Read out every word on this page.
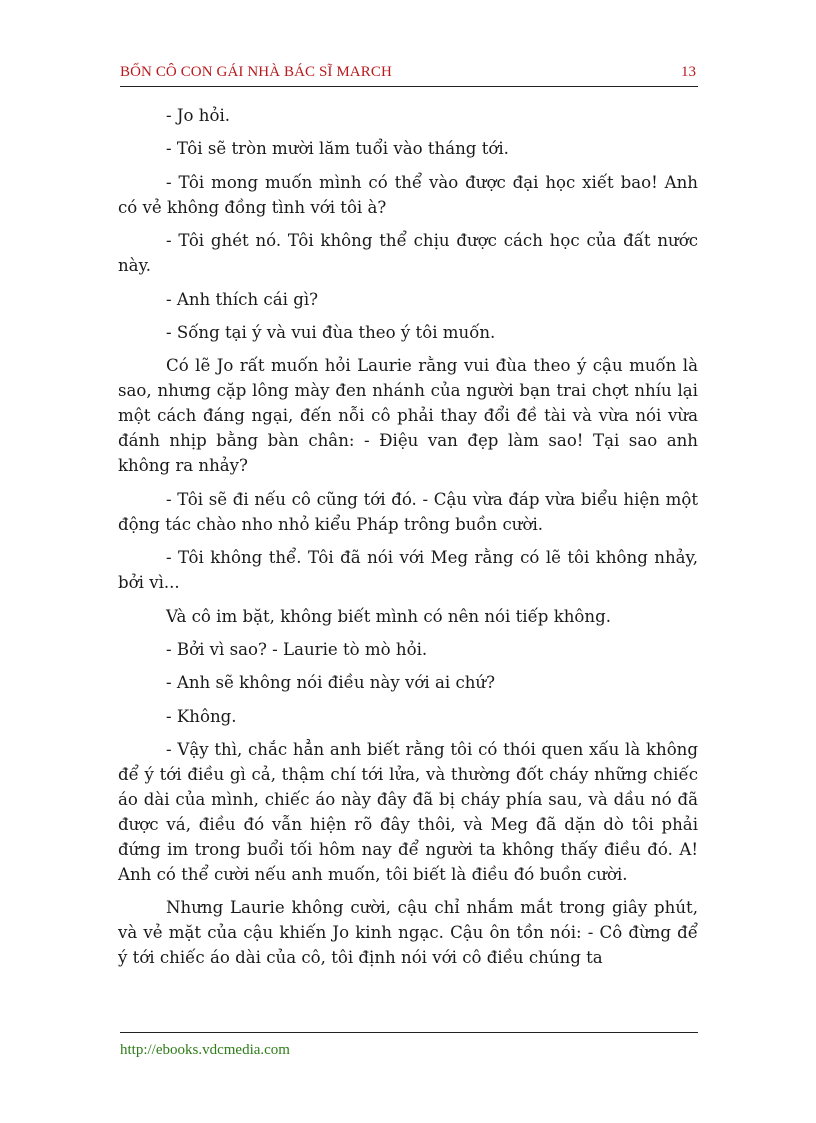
BỐN CÔ CON GÁI NHÀ BÁC SĨ MARCH	13

- Jo hỏi.

- Tôi sẽ tròn mười lăm tuổi vào tháng tới.

- Tôi mong muốn mình có thể vào được đại học xiết bao! Anh có vẻ không đồng tình với tôi à?

- Tôi ghét nó. Tôi không thể chịu được cách học của đất nước này.

- Anh thích cái gì?

- Sống tại ý và vui đùa theo ý tôi muốn.

Có lẽ Jo rất muốn hỏi Laurie rằng vui đùa theo ý cậu muốn là sao, nhưng cặp lông mày đen nhánh của người bạn trai chợt nhíu lại một cách đáng ngại, đến nỗi cô phải thay đổi đề tài và vừa nói vừa đánh nhịp bằng bàn chân: - Điệu van đẹp làm sao! Tại sao anh không ra nhảy?

- Tôi sẽ đi nếu cô cũng tới đó. - Cậu vừa đáp vừa biểu hiện một động tác chào nho nhỏ kiểu Pháp trông buồn cười.

- Tôi không thể. Tôi đã nói với Meg rằng có lẽ tôi không nhảy, bởi vì...

Và cô im bặt, không biết mình có nên nói tiếp không.

- Bởi vì sao? - Laurie tò mò hỏi.

- Anh sẽ không nói điều này với ai chứ?

- Không.

- Vậy thì, chắc hẳn anh biết rằng tôi có thói quen xấu là không để ý tới điều gì cả, thậm chí tới lửa, và thường đốt cháy những chiếc áo dài của mình, chiếc áo này đây đã bị cháy phía sau, và dầu nó đã được vá, điều đó vẫn hiện rõ đây thôi, và Meg đã dặn dò tôi phải đứng im trong buổi tối hôm nay để người ta không thấy điều đó. A! Anh có thể cười nếu anh muốn, tôi biết là điều đó buồn cười.

Nhưng Laurie không cười, cậu chỉ nhắm mắt trong giây phút, và vẻ mặt của cậu khiến Jo kinh ngạc. Cậu ôn tồn nói: - Cô đừng để ý tới chiếc áo dài của cô, tôi định nói với cô điều chúng ta

http://ebooks.vdcmedia.com
